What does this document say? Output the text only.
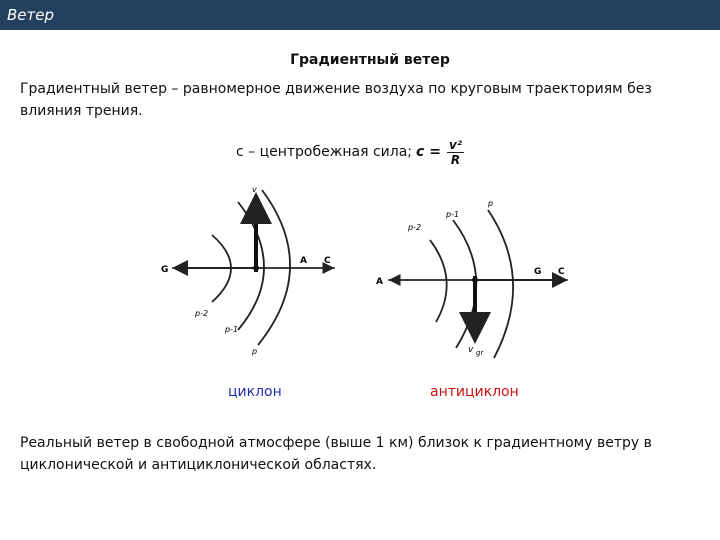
Ветер
Градиентный ветер
Градиентный ветер – равномерное движение воздуха по круговым траекториям без влияния трения.
с – центробежная сила; $c = \frac{\text{v²}}{R}$
v
G
A C
p-2
p-1
p
A
G C
p-2
p-1
p
v gr
циклон	антициклон
Реальный ветер в свободной атмосфере (выше 1 км) близок к градиентному ветру в циклонической и антициклонической областях.
